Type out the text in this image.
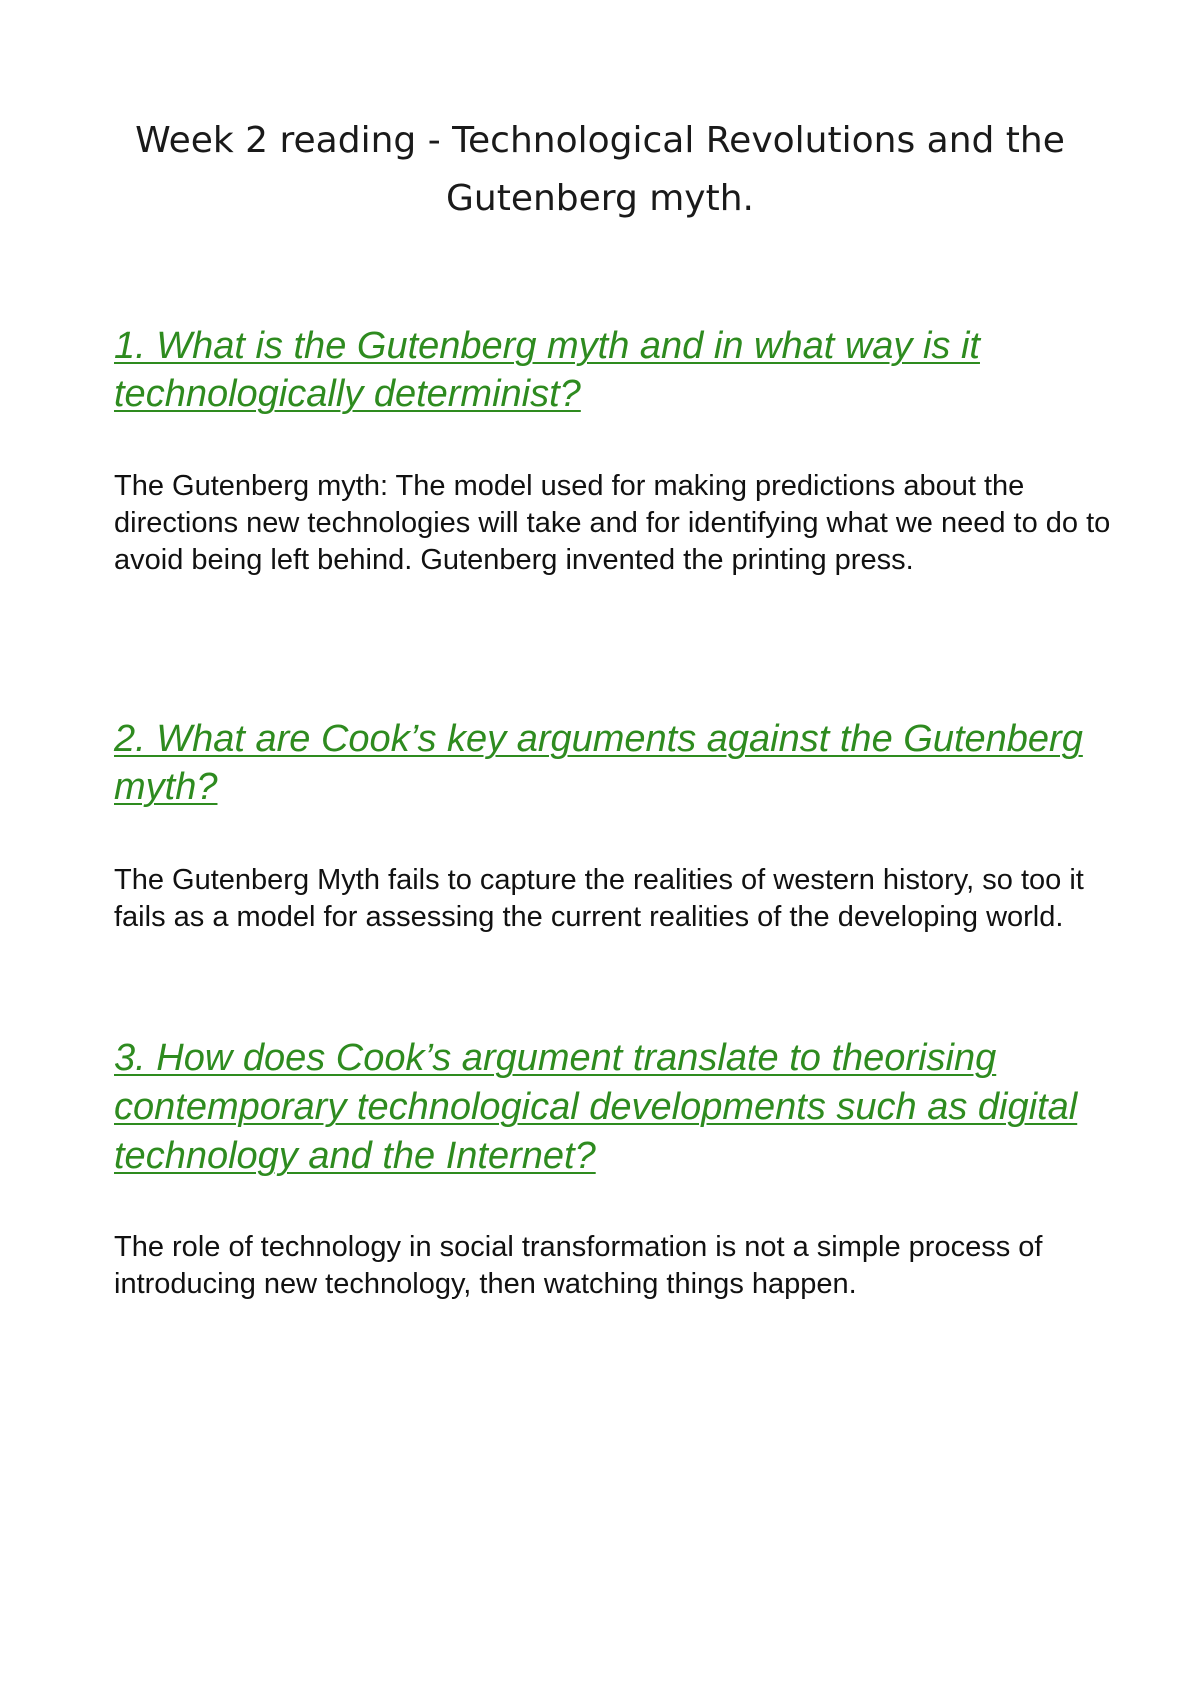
Week 2 reading - Technological Revolutions and the Gutenberg myth.
1. What is the Gutenberg myth and in what way is it technologically determinist?

The Gutenberg myth: The model used for making predictions about the directions new technologies will take and for identifying what we need to do to avoid being left behind. Gutenberg invented the printing press.

2. What are Cook’s key arguments against the Gutenberg myth?

The Gutenberg Myth fails to capture the realities of western history, so too it fails as a model for assessing the current realities of the developing world.

3. How does Cook’s argument translate to theorising contemporary technological developments such as digital technology and the Internet?

The role of technology in social transformation is not a simple process of introducing new technology, then watching things happen.
